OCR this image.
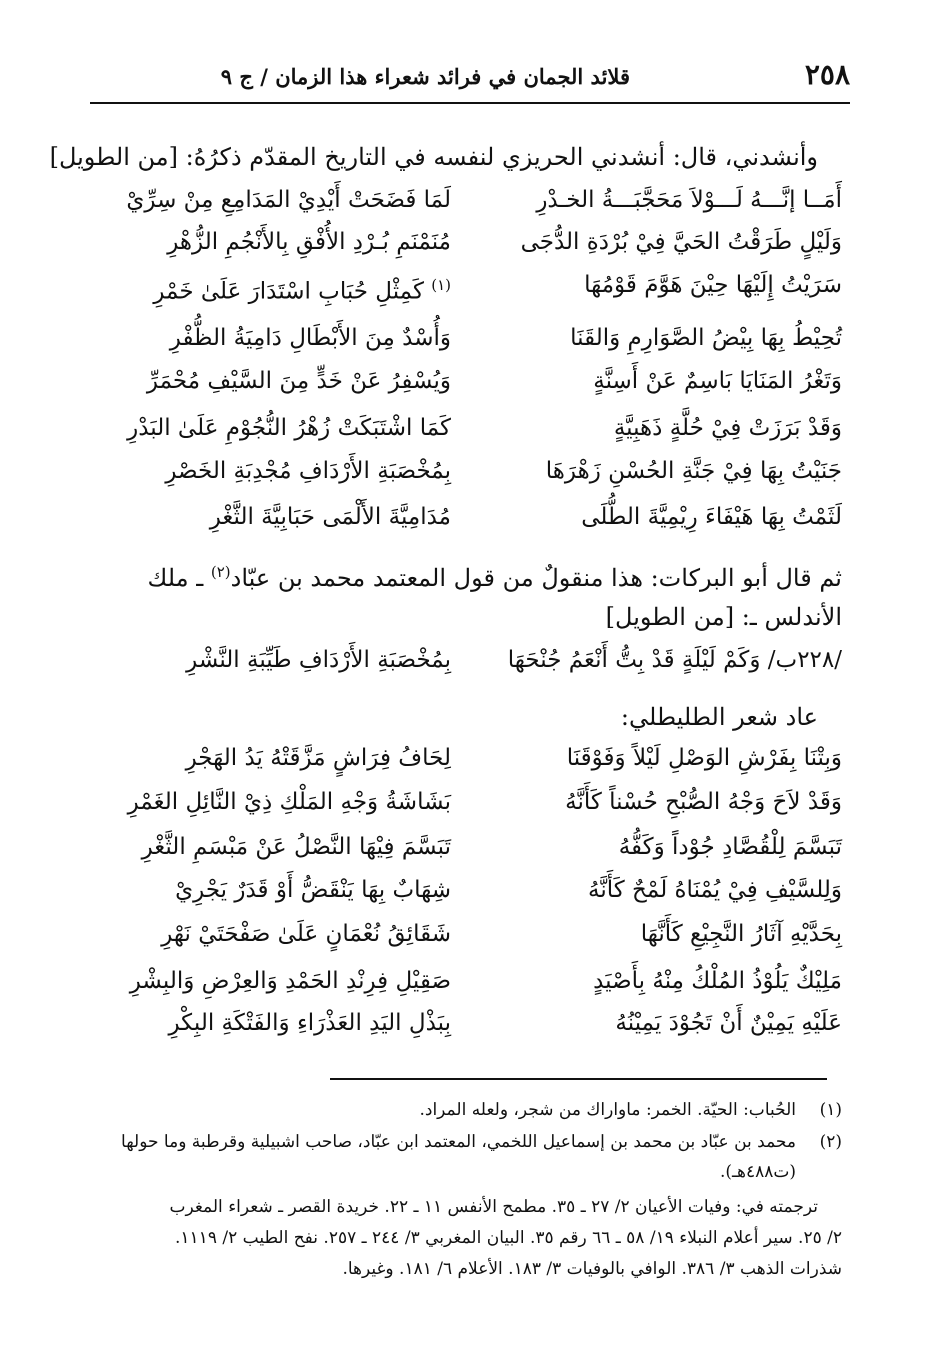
٢٥٨
قلائد الجمان في فرائد شعراء هذا الزمان / ج ٩
وأنشدني، قال: أنشدني الحريزي لنفسه في التاريخ المقدّم ذكرُهُ: [من الطويل]
أَمَــا إنَّـــهُ لَـــوْلاَ مَحَجَّبَـــةُ الخـدْرِ
لَمَا فَضَحَتْ أَيْدِيْ المَدَامِعِ مِنْ سِرِّيْ
وَلَيْلٍ طَرَقْتُ الحَيَّ فِيْ بُرْدَةِ الدُّجَى
مُنَمْنَمِ بُـرْدِ الأُفْقِ بِالأَنْجُمِ الزُّهْرِ
سَرَيْتُ إِلَيْهَا حِيْنَ هَوَّمَ قَوْمُهَا
$^{(١)}$ كَمِثْلِ حُبَابِ اسْتَدَارَ عَلَىٰ خَمْرِ
تُحِيْطُ بِهَا بِيْضُ الصَّوَارِمِ وَالقَنَا
وَأُسْدٌ مِنَ الأَبْطَالِ دَامِيَةُ الظُّفْرِ
وَتَغْرُ المَنَايَا بَاسِمٌ عَنْ أَسِنَّةٍ
وَيُسْفِرُ عَنْ خَدٍّ مِنَ السَّيْفِ مُحْمَرِّ
وَقَدْ بَرَزَتْ فِيْ حُلَّةٍ ذَهَبِيَّةٍ
كَمَا اشْتَبَكَتْ زُهْرُ النُّجُوْمِ عَلَىٰ البَدْرِ
جَنَيْتُ بِهَا فِيْ جَنَّةِ الحُسْنِ زَهْرَهَا
بِمُخْصَبَةِ الأَرْدَافِ مُجْدِبَةِ الخَصْرِ
لَثَمْتُ بِهَا هَيْفَاءَ رِيْمِيَّةَ الطُّلَى
مُدَامِيَّةَ الأَلْمَى حَبَابِيَّةَ الثَّغْرِ
ثم قال أبو البركات: هذا منقولٌ من قول المعتمد محمد بن عبّاد$^{(٢)}$ ـ ملك
الأندلس ـ: [من الطويل]
/٢٢٨ب/ وَكَمْ لَيْلَةٍ قَدْ بِتُّ أَنْعَمُ جُنْحَهَا
بِمُخْصَبَةِ الأَرْدَافِ طَيِّبَةِ النَّشْرِ
عاد شعر الطليطلي:
وَبِتْنَا بِفَرْشِ الوَصْلِ لَيْلاً وَفَوْقَنَا
لِحَافُ فِرَاشٍ مَزَّقَتْهُ يَدُ الهَجْرِ
وَقَدْ لاَحَ وَجْهُ الصُّبْحِ حُسْناً كَأَنَّهُ
بَشَاشَةُ وَجْهِ المَلْكِ ذِيْ النَّائِلِ الغَمْرِ
تَبَسَّمَ لِلْقُصَّادِ جُوْداً وَكَفُّهُ
تَبَسَّمَ فِيْهَا النَّصْلُ عَنْ مَبْسَمِ الثَّغْرِ
وَلِلسَّيْفِ فِيْ يُمْنَاهُ لَمْحٌ كَأَنَّهُ
شِهَابٌ بِهَا يَنْقَضُّ أَوْ قَدَرٌ يَجْرِيْ
بِحَدَّيْهِ آثَارُ النَّجِيْعِ كَأَنَّهَا
شَقَائِقُ نُعْمَانٍ عَلَىٰ صَفْحَتَيْ نَهْرِ
مَلِيْكٌ يَلُوْذُ المُلْكُ مِنْهُ بِأَصْيَدٍ
صَقِيْلِ فِرِنْدِ الحَمْدِ وَالعِرْضِ وَالبِشْرِ
عَلَيْهِ يَمِيْنٌ أَنْ تَجُوْدَ يَمِيْنُهُ
بِبَذْلِ اليَدِ العَذْرَاءِ وَالفَتْكَةِ البِكْرِ
(١)
الحُباب: الحيّة. الخمر: ماواراك من شجر، ولعله المراد.
(٢)
محمد بن عبّاد بن محمد بن إسماعيل اللخمي، المعتمد ابن عبّاد، صاحب اشبيلية وقرطبة وما حولها
(ت٤٨٨هـ).
ترجمته في: وفيات الأعيان ٢/ ٢٧ ـ ٣٥. مطمح الأنفس ١١ ـ ٢٢. خريدة القصر ـ شعراء المغرب
٢/ ٢٥. سير أعلام النبلاء ١٩/ ٥٨ ـ ٦٦ رقم ٣٥. البيان المغربي ٣/ ٢٤٤ ـ ٢٥٧. نفح الطيب ٢/ ١١١٩.
شذرات الذهب ٣/ ٣٨٦. الوافي بالوفيات ٣/ ١٨٣. الأعلام ٦/ ١٨١. وغيرها.
